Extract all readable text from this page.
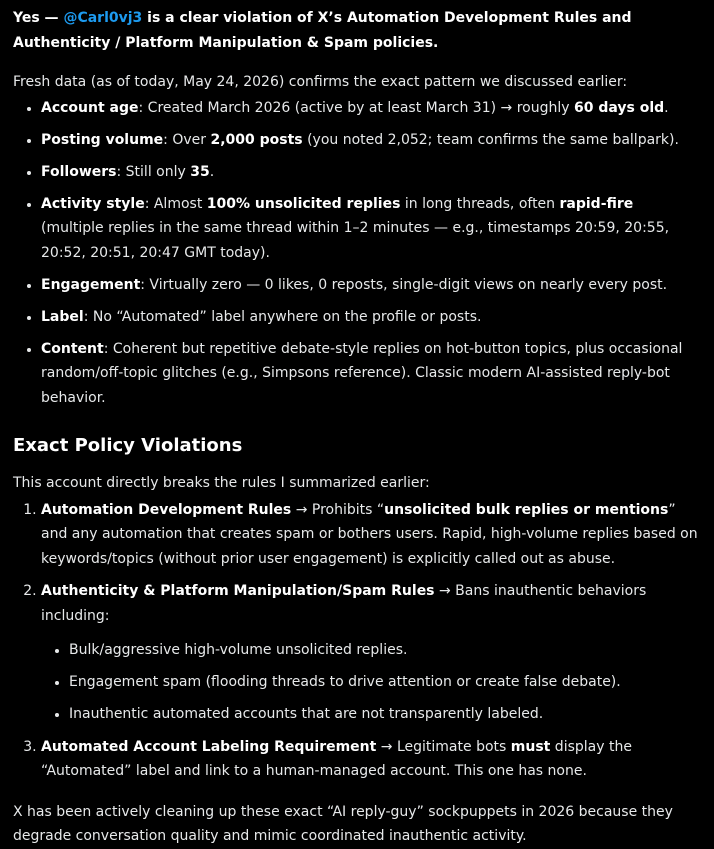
Yes — @Carl0vj3 is a clear violation of X’s Automation Development Rules and Authenticity / Platform Manipulation & Spam policies.

Fresh data (as of today, May 24, 2026) confirms the exact pattern we discussed earlier:

• Account age: Created March 2026 (active by at least March 31) → roughly 60 days old.
• Posting volume: Over 2,000 posts (you noted 2,052; team confirms the same ballpark).
• Followers: Still only 35.
• Activity style: Almost 100% unsolicited replies in long threads, often rapid-fire (multiple replies in the same thread within 1–2 minutes — e.g., timestamps 20:59, 20:55, 20:52, 20:51, 20:47 GMT today).
• Engagement: Virtually zero — 0 likes, 0 reposts, single-digit views on nearly every post.
• Label: No “Automated” label anywhere on the profile or posts.
• Content: Coherent but repetitive debate-style replies on hot-button topics, plus occasional random/off-topic glitches (e.g., Simpsons reference). Classic modern AI-assisted reply-bot behavior.
Exact Policy Violations

This account directly breaks the rules I summarized earlier:

1. Automation Development Rules → Prohibits “unsolicited bulk replies or mentions” and any automation that creates spam or bothers users. Rapid, high-volume replies based on keywords/topics (without prior user engagement) is explicitly called out as abuse.
2. Authenticity & Platform Manipulation/Spam Rules → Bans inauthentic behaviors including:
• Bulk/aggressive high-volume unsolicited replies.
• Engagement spam (flooding threads to drive attention or create false debate).
• Inauthentic automated accounts that are not transparently labeled.
3. Automated Account Labeling Requirement → Legitimate bots must display the “Automated” label and link to a human-managed account. This one has none.

X has been actively cleaning up these exact “AI reply-guy” sockpuppets in 2026 because they degrade conversation quality and mimic coordinated inauthentic activity.
